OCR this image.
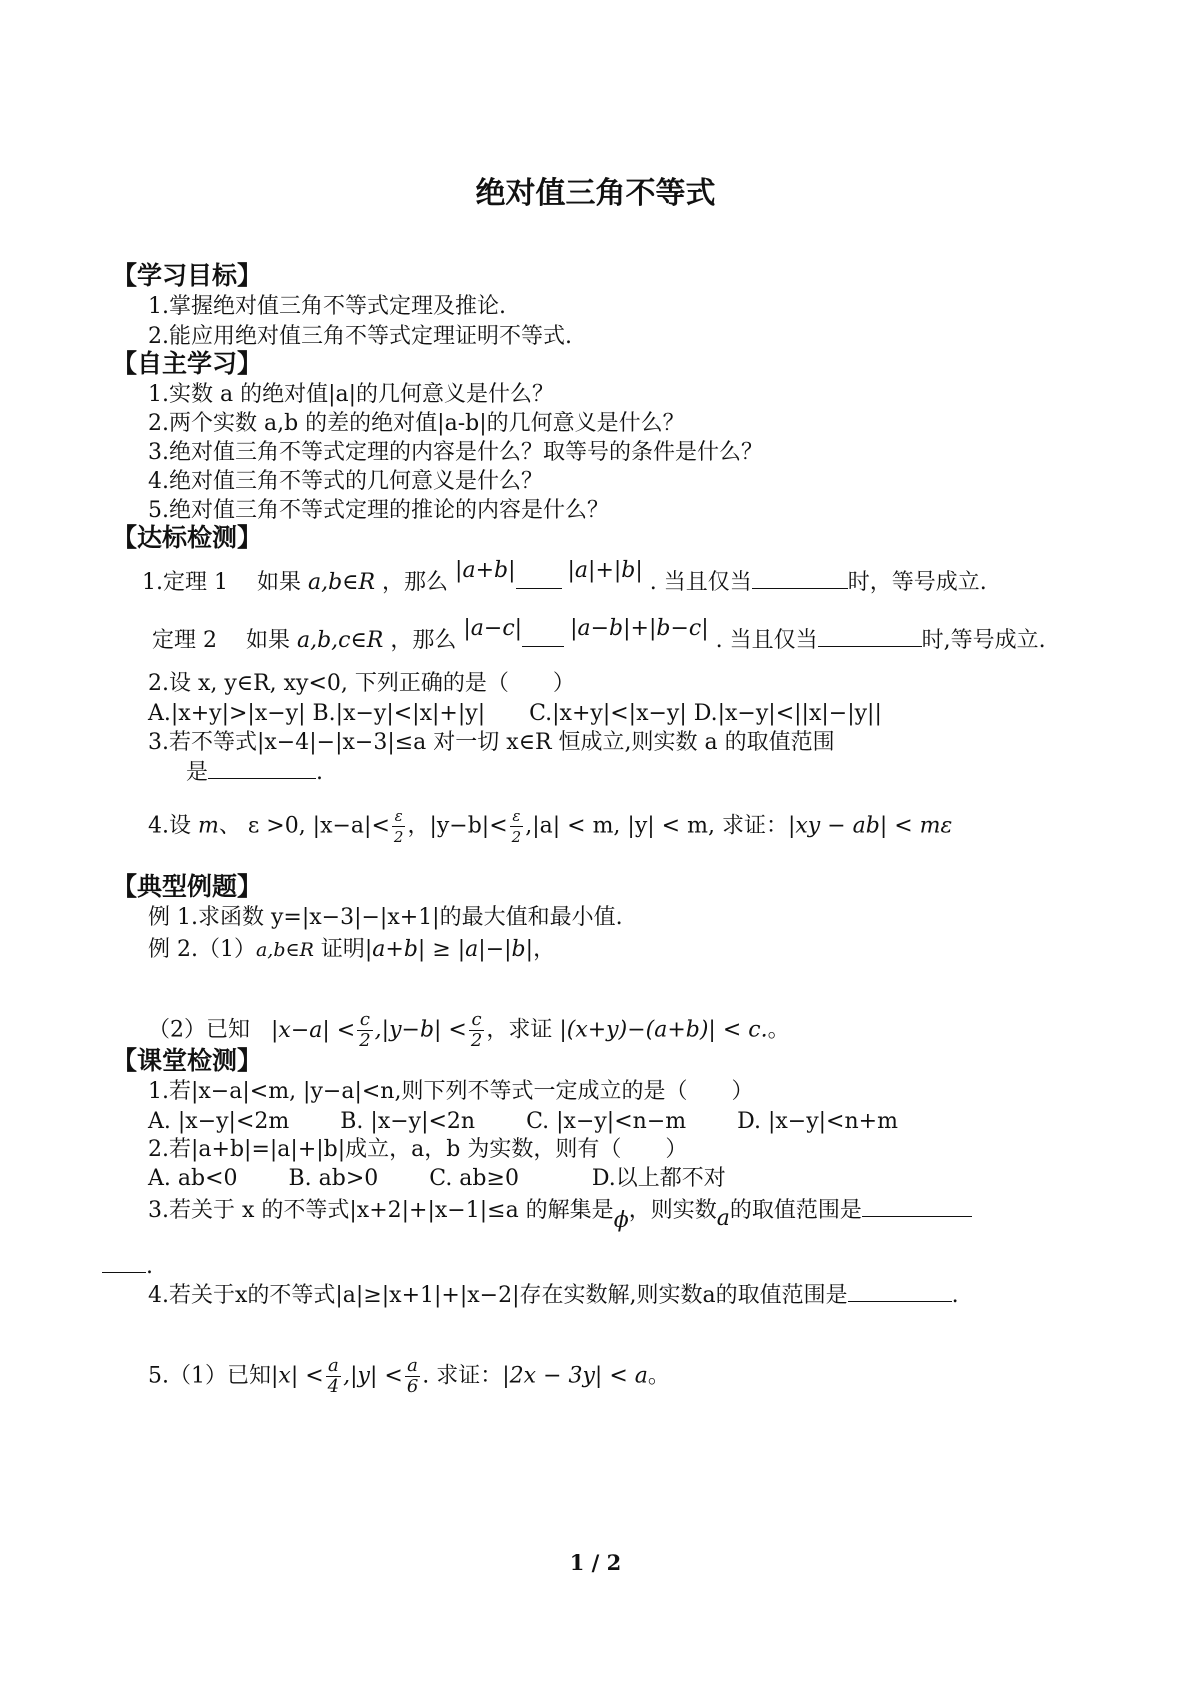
绝对值三角不等式
【学习目标】
1.掌握绝对值三角不等式定理及推论.
2.能应用绝对值三角不等式定理证明不等式.
【自主学习】
1.实数 a 的绝对值|a|的几何意义是什么？
2.两个实数 a,b 的差的绝对值|a-b|的几何意义是什么？
3.绝对值三角不等式定理的内容是什么？取等号的条件是什么？
4.绝对值三角不等式的几何意义是什么？
5.绝对值三角不等式定理的推论的内容是什么？
【达标检测】
1.定理 1　 如果 a,b∈R ，那么 |a+b| |a|+|b| . 当且仅当	时，等号成立.
定理 2　 如果 a,b,c∈R ，那么 |a−c| |a−b|+|b−c| . 当且仅当	时,等号成立.
2.设 x, y∈R, xy<0, 下列正确的是（　　）
A.|x+y|>|x−y| B.|x−y|<|x|+|y|　　C.|x+y|<|x−y| D.|x−y|<||x|−|y||
3.若不等式|x−4|−|x−3|≤a 对一切 x∈R 恒成立,则实数 a 的取值范围
是	.
4.设 m、 ε >0, $|x-a|< \frac{\varepsilon}{2}$ ，$|y-b|< \frac{\varepsilon}{2} ,|a| < m$, |y| < m, 求证：|xy − ab| < mε
【典型例题】
例 1.求函数 y=|x−3|−|x+1|的最大值和最小值.
例 2.（1）a,b∈R 证明|a+b| ≥ |a|−|b|，
（2）已知 $|x-a| < \frac{c}{2} ,|y-b| < \frac{c}{2}$ ，求证 |(x+y)−(a+b)| < c.。
【课堂检测】
1.若|x−a|<m, |y−a|<n,则下列不等式一定成立的是（　　）
A. |x−y|<2m　　 B. |x−y|<2n　　 C. |x−y|<n−m　　 D. |x−y|<n+m
2.若|a+b|=|a|+|b|成立，a，b 为实数，则有（　　）
A. ab<0　　 B. ab>0　　 C. ab≥0　　　 D.以上都不对
3.若关于 x 的不等式|x+2|+|x−1|≤a 的解集是ϕ，则实数a的取值范围是
.
4.若关于x的不等式|a|≥|x+1|+|x−2|存在实数解,则实数a的取值范围是	.
5.（1）已知$|x| < \frac{a}{4} ,|y| < \frac{a}{6}$ . 求证：|2x − 3y| < a。
1 / 2
